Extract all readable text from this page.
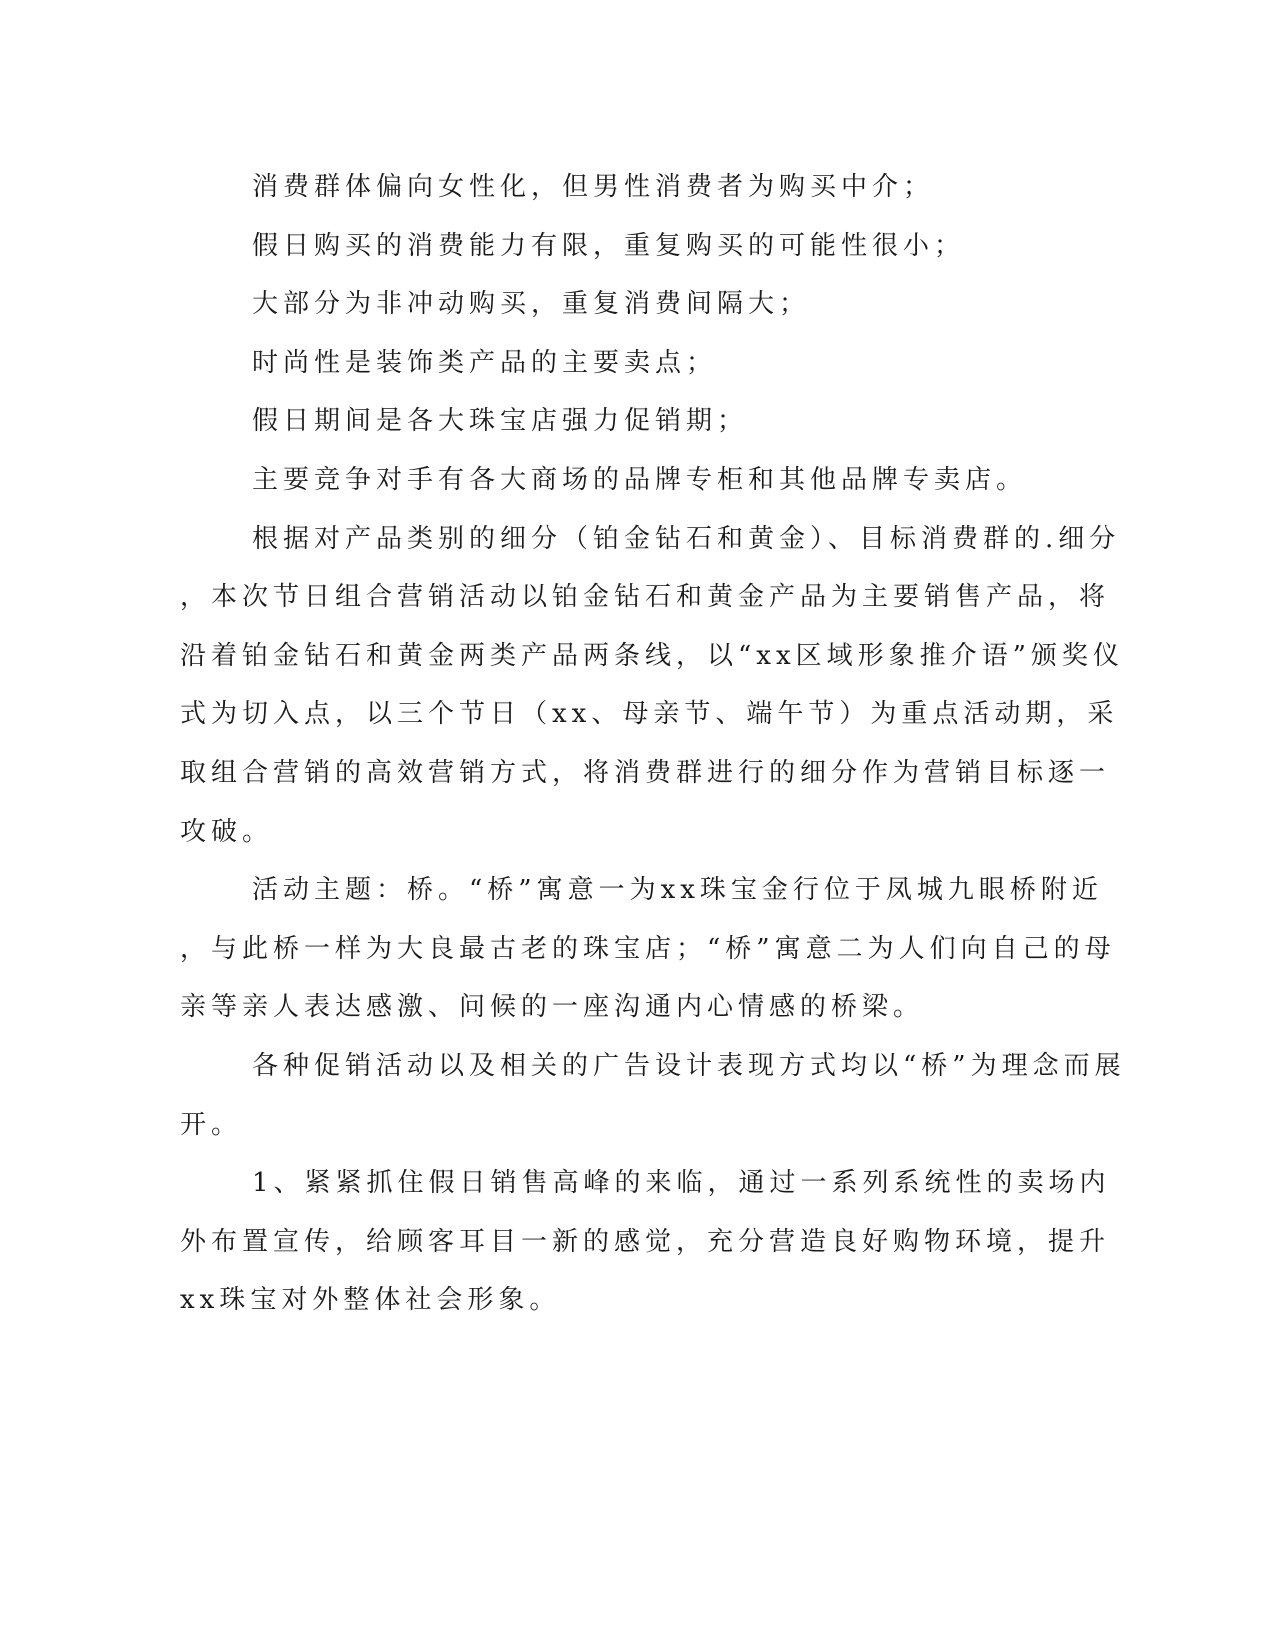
消费群体偏向女性化，但男性消费者为购买中介；
假日购买的消费能力有限，重复购买的可能性很小；
大部分为非冲动购买，重复消费间隔大；
时尚性是装饰类产品的主要卖点；
假日期间是各大珠宝店强力促销期；
主要竞争对手有各大商场的品牌专柜和其他品牌专卖店。
根据对产品类别的细分（铂金钻石和黄金）、目标消费群的.细分
，本次节日组合营销活动以铂金钻石和黄金产品为主要销售产品，将
沿着铂金钻石和黄金两类产品两条线，以“xx区域形象推介语”颁奖仪
式为切入点，以三个节日（xx、母亲节、端午节）为重点活动期，采
取组合营销的高效营销方式，将消费群进行的细分作为营销目标逐一
攻破。
活动主题：桥。“桥”寓意一为xx珠宝金行位于凤城九眼桥附近
，与此桥一样为大良最古老的珠宝店；“桥”寓意二为人们向自己的母
亲等亲人表达感激、问候的一座沟通内心情感的桥梁。
各种促销活动以及相关的广告设计表现方式均以“桥”为理念而展
开。
1、紧紧抓住假日销售高峰的来临，通过一系列系统性的卖场内
外布置宣传，给顾客耳目一新的感觉，充分营造良好购物环境，提升
xx珠宝对外整体社会形象。
